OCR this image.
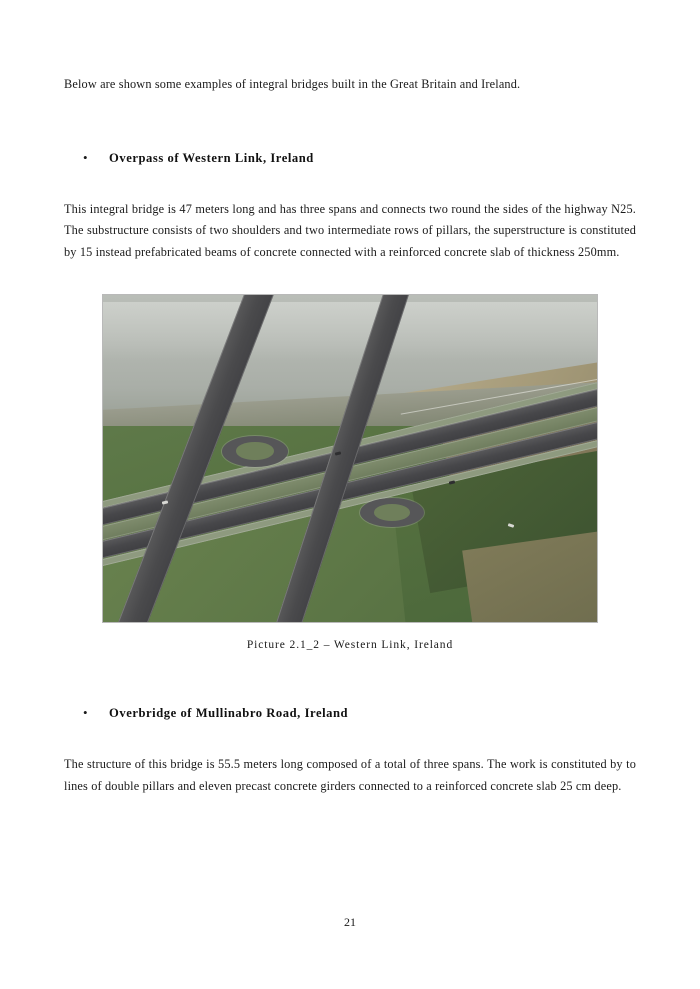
Below are shown some examples of integral bridges built in the Great Britain and Ireland.

•	Overpass of Western Link, Ireland

This integral bridge is 47 meters long and has three spans and connects two round the sides of the highway N25. The substructure consists of two shoulders and two intermediate rows of pillars, the superstructure is constituted by 15 instead prefabricated beams of concrete connected with a reinforced concrete slab of thickness 250mm.

Picture 2.1_2 – Western Link, Ireland
•	Overbridge of Mullinabro Road, Ireland

The structure of this bridge is 55.5 meters long composed of a total of three spans. The work is constituted by to lines of double pillars and eleven precast concrete girders connected to a reinforced concrete slab 25 cm deep.

21
